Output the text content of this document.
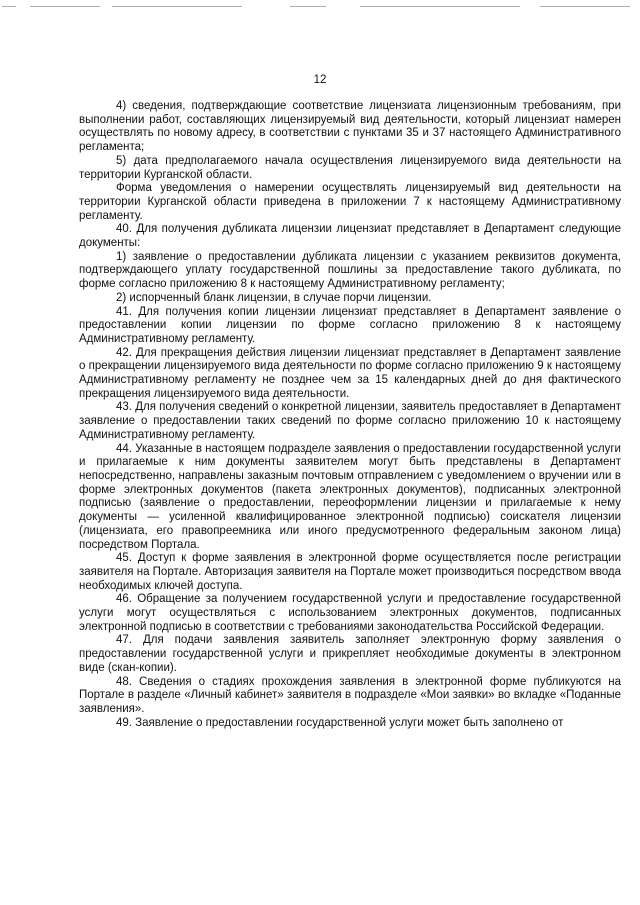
12

4) сведения, подтверждающие соответствие лицензиата лицензионным требованиям, при выполнении работ, составляющих лицензируемый вид деятельности, который лицензиат намерен осуществлять по новому адресу, в соответствии с пунктами 35 и 37 настоящего Административного регламента;

5) дата предполагаемого начала осуществления лицензируемого вида деятельности на территории Курганской области.

Форма уведомления о намерении осуществлять лицензируемый вид деятельности на территории Курганской области приведена в приложении 7 к настоящему Административному регламенту.

40. Для получения дубликата лицензии лицензиат представляет в Департамент следующие документы:

1) заявление о предоставлении дубликата лицензии с указанием реквизитов документа, подтверждающего уплату государственной пошлины за предоставление такого дубликата, по форме согласно приложению 8 к настоящему Административному регламенту;

2) испорченный бланк лицензии, в случае порчи лицензии.

41. Для получения копии лицензии лицензиат представляет в Департамент заявление о предоставлении копии лицензии по форме согласно приложению 8 к настоящему Административному регламенту.

42. Для прекращения действия лицензии лицензиат представляет в Департамент заявление о прекращении лицензируемого вида деятельности по форме согласно приложению 9 к настоящему Административному регламенту не позднее чем за 15 календарных дней до дня фактического прекращения лицензируемого вида деятельности.

43. Для получения сведений о конкретной лицензии, заявитель предоставляет в Департамент заявление о предоставлении таких сведений по форме согласно приложению 10 к настоящему Административному регламенту.

44. Указанные в настоящем подразделе заявления о предоставлении государственной услуги и прилагаемые к ним документы заявителем могут быть представлены в Департамент непосредственно, направлены заказным почтовым отправлением с уведомлением о вручении или в форме электронных документов (пакета электронных документов), подписанных электронной подписью (заявление о предоставлении, переоформлении лицензии и прилагаемые к нему документы — усиленной квалифицированное электронной подписью) соискателя лицензии (лицензиата, его правопреемника или иного предусмотренного федеральным законом лица) посредством Портала.

45. Доступ к форме заявления в электронной форме осуществляется после регистрации заявителя на Портале. Авторизация заявителя на Портале может производиться посредством ввода необходимых ключей доступа.

46. Обращение за получением государственной услуги и предоставление государственной услуги могут осуществляться с использованием электронных документов, подписанных электронной подписью в соответствии с требованиями законодательства Российской Федерации.

47. Для подачи заявления заявитель заполняет электронную форму заявления о предоставлении государственной услуги и прикрепляет необходимые документы в электронном виде (скан-копии).

48. Сведения о стадиях прохождения заявления в электронной форме публикуются на Портале в разделе «Личный кабинет» заявителя в подразделе «Мои заявки» во вкладке «Поданные заявления».

49. Заявление о предоставлении государственной услуги может быть заполнено от
